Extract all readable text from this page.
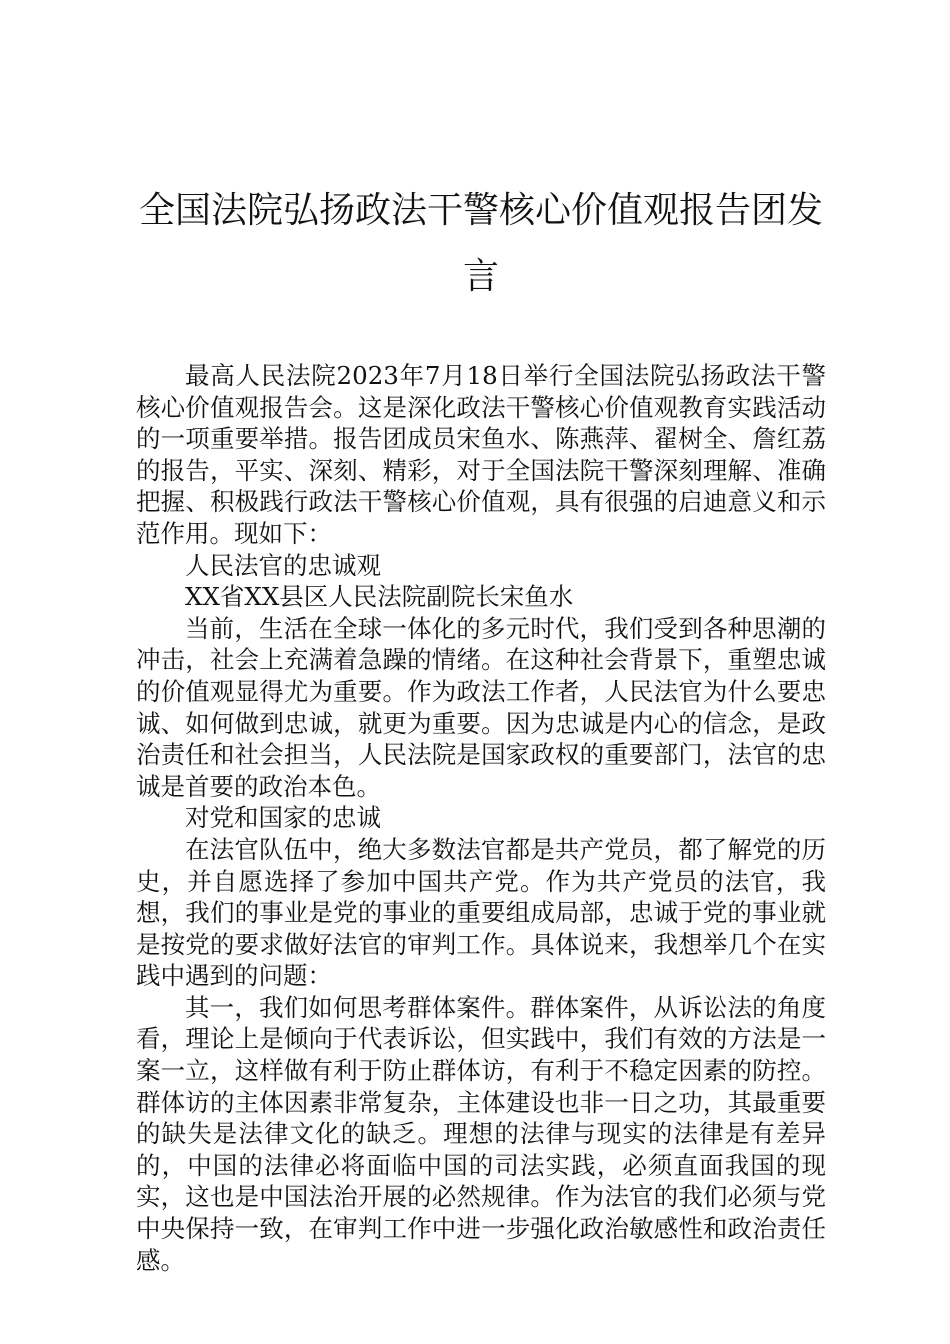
全国法院弘扬政法干警核心价值观报告团发言

最高人民法院2023年7月18日举行全国法院弘扬政法干警核心价值观报告会。这是深化政法干警核心价值观教育实践活动的一项重要举措。报告团成员宋鱼水、陈燕萍、翟树全、詹红荔的报告，平实、深刻、精彩，对于全国法院干警深刻理解、准确把握、积极践行政法干警核心价值观，具有很强的启迪意义和示范作用。现如下：

人民法官的忠诚观

XX省XX县区人民法院副院长宋鱼水

当前，生活在全球一体化的多元时代，我们受到各种思潮的冲击，社会上充满着急躁的情绪。在这种社会背景下，重塑忠诚的价值观显得尤为重要。作为政法工作者，人民法官为什么要忠诚、如何做到忠诚，就更为重要。因为忠诚是内心的信念，是政治责任和社会担当，人民法院是国家政权的重要部门，法官的忠诚是首要的政治本色。

对党和国家的忠诚

在法官队伍中，绝大多数法官都是共产党员，都了解党的历史，并自愿选择了参加中国共产党。作为共产党员的法官，我想，我们的事业是党的事业的重要组成局部，忠诚于党的事业就是按党的要求做好法官的审判工作。具体说来，我想举几个在实践中遇到的问题：

其一，我们如何思考群体案件。群体案件，从诉讼法的角度看，理论上是倾向于代表诉讼，但实践中，我们有效的方法是一案一立，这样做有利于防止群体访，有利于不稳定因素的防控。群体访的主体因素非常复杂，主体建设也非一日之功，其最重要的缺失是法律文化的缺乏。理想的法律与现实的法律是有差异的，中国的法律必将面临中国的司法实践，必须直面我国的现实，这也是中国法治开展的必然规律。作为法官的我们必须与党中央保持一致，在审判工作中进一步强化政治敏感性和政治责任感。
